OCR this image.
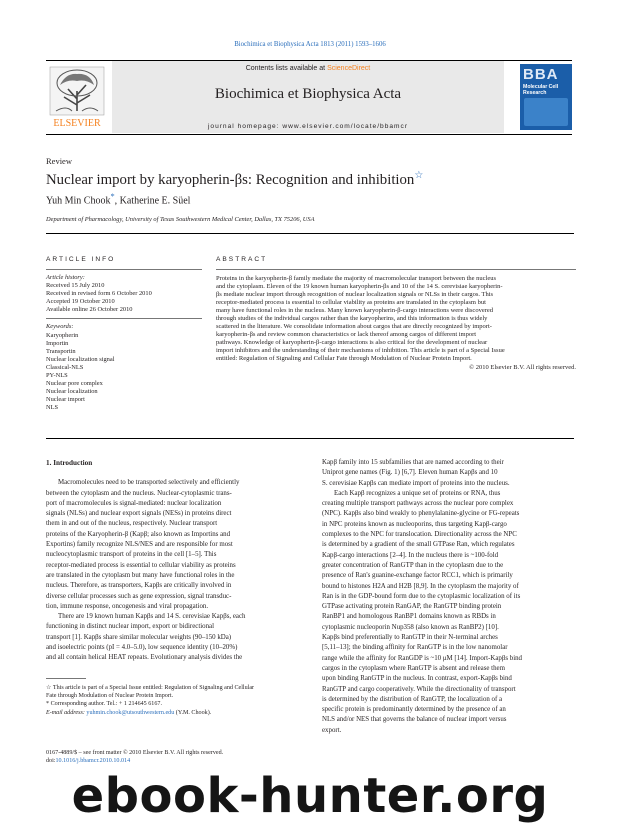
Biochimica et Biophysica Acta 1813 (2011) 1593–1606
ELSEVIER
Contents lists available at ScienceDirect
Biochimica et Biophysica Acta
journal homepage: www.elsevier.com/locate/bbamcr
BBA
Molecular Cell
Research
Review
Nuclear import by karyopherin-βs: Recognition and inhibition☆
Yuh Min Chook*, Katherine E. Süel
Department of Pharmacology, University of Texas Southwestern Medical Center, Dallas, TX 75206, USA
ARTICLE INFO
Article history:
Received 15 July 2010
Received in revised form 6 October 2010
Accepted 19 October 2010
Available online 26 October 2010
Keywords:
Karyopherin
Importin
Transportin
Nuclear localization signal
Classical-NLS
PY-NLS
Nuclear pore complex
Nuclear localization
Nuclear import
NLS
ABSTRACT
Proteins in the karyopherin-β family mediate the majority of macromolecular transport between the nucleus
and the cytoplasm. Eleven of the 19 known human karyopherin-βs and 10 of the 14 S. cerevisiae karyopherin-
βs mediate nuclear import through recognition of nuclear localization signals or NLSs in their cargos. This
receptor-mediated process is essential to cellular viability as proteins are translated in the cytoplasm but
many have functional roles in the nucleus. Many known karyopherin-β-cargo interactions were discovered
through studies of the individual cargos rather than the karyopherins, and this information is thus widely
scattered in the literature. We consolidate information about cargos that are directly recognized by import-
karyopherin-βs and review common characteristics or lack thereof among cargos of different import
pathways. Knowledge of karyopherin-β-cargo interactions is also critical for the development of nuclear
import inhibitors and the understanding of their mechanisms of inhibition. This article is part of a Special Issue
entitled: Regulation of Signaling and Cellular Fate through Modulation of Nuclear Protein Import.
© 2010 Elsevier B.V. All rights reserved.
1. Introduction
Macromolecules need to be transported selectively and efficiently
between the cytoplasm and the nucleus. Nuclear-cytoplasmic trans-
port of macromolecules is signal-mediated: nuclear localization
signals (NLSs) and nuclear export signals (NESs) in proteins direct
them in and out of the nucleus, respectively. Nuclear transport
proteins of the Karyopherin-β (Kapβ; also known as Importins and
Exportins) family recognize NLS/NES and are responsible for most
nucleocytoplasmic transport of proteins in the cell [1–5]. This
receptor-mediated process is essential to cellular viability as proteins
are translated in the cytoplasm but many have functional roles in the
nucleus. Therefore, as transporters, Kapβs are critically involved in
diverse cellular processes such as gene expression, signal transduc-
tion, immune response, oncogenesis and viral propagation.
There are 19 known human Kapβs and 14 S. cerevisiae Kapβs, each
functioning in distinct nuclear import, export or bidirectional
transport [1]. Kapβs share similar molecular weights (90–150 kDa)
and isoelectric points (pI = 4.0–5.0), low sequence identity (10–20%)
and all contain helical HEAT repeats. Evolutionary analysis divides the
Kapβ family into 15 subfamilies that are named according to their
Uniprot gene names (Fig. 1) [6,7]. Eleven human Kapβs and 10
S. cerevisiae Kapβs can mediate import of proteins into the nucleus.
Each Kapβ recognizes a unique set of proteins or RNA, thus
creating multiple transport pathways across the nuclear pore complex
(NPC). Kapβs also bind weakly to phenylalanine-glycine or FG-repeats
in NPC proteins known as nucleoporins, thus targeting Kapβ-cargo
complexes to the NPC for translocation. Directionality across the NPC
is determined by a gradient of the small GTPase Ran, which regulates
Kapβ-cargo interactions [2–4]. In the nucleus there is ~100-fold
greater concentration of RanGTP than in the cytoplasm due to the
presence of Ran's guanine-exchange factor RCC1, which is primarily
bound to histones H2A and H2B [8,9]. In the cytoplasm the majority of
Ran is in the GDP-bound form due to the cytoplasmic localization of its
GTPase activating protein RanGAP, the RanGTP binding protein
RanBP1 and homologous RanBP1 domains known as RBDs in
cytoplasmic nucleoporin Nup358 (also known as RanBP2) [10].
Kapβs bind preferentially to RanGTP in their N-terminal arches
[5,11–13]; the binding affinity for RanGTP is in the low nanomolar
range while the affinity for RanGDP is ~10 μM [14]. Import-Kapβs bind
cargos in the cytoplasm where RanGTP is absent and release them
upon binding RanGTP in the nucleus. In contrast, export-Kapβs bind
RanGTP and cargo cooperatively. While the directionality of transport
is determined by the distribution of RanGTP, the localization of a
specific protein is predominantly determined by the presence of an
NLS and/or NES that governs the balance of nuclear import versus
export.
☆ This article is part of a Special Issue entitled: Regulation of Signaling and Cellular
Fate through Modulation of Nuclear Protein Import.
* Corresponding author. Tel.: + 1 214645 6167.
E-mail address: yuhmin.chook@utsouthwestern.edu (Y.M. Chook).
0167-4889/$ – see front matter © 2010 Elsevier B.V. All rights reserved.
doi:10.1016/j.bbamcr.2010.10.014
ebook-hunter.org
